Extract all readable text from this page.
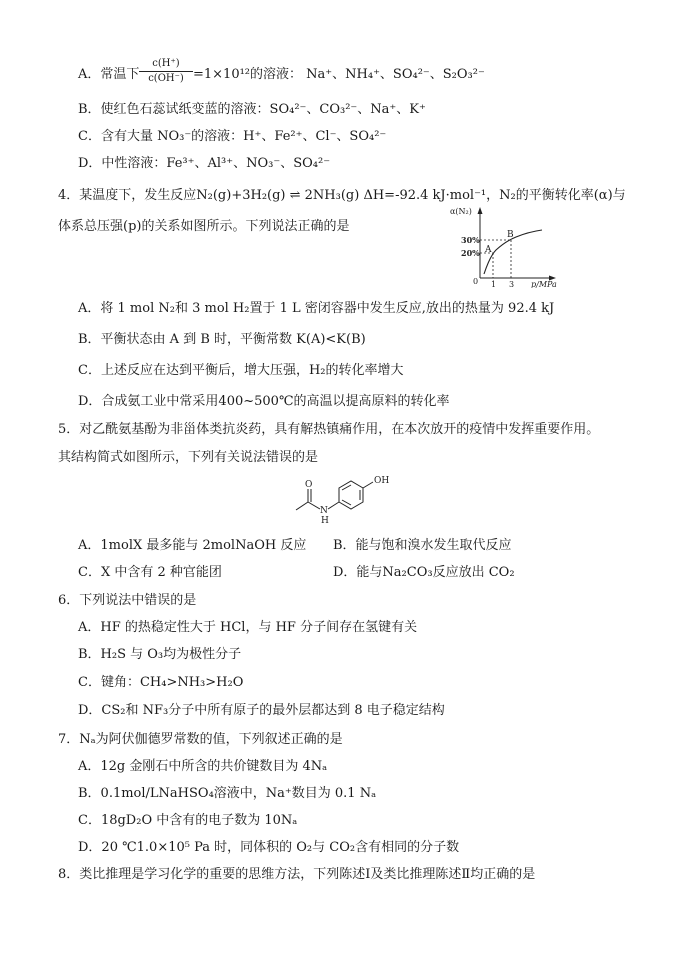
A．常温下
c(H⁺)
c(OH⁻) =1×10¹²的溶液： Na⁺、NH₄⁺、SO₄²⁻、S₂O₃²⁻
B．使红色石蕊试纸变蓝的溶液：SO₄²⁻、CO₃²⁻、Na⁺、K⁺
C．含有大量 NO₃⁻的溶液：H⁺、Fe²⁺、Cl⁻、SO₄²⁻
D．中性溶液：Fe³⁺、Al³⁺、NO₃⁻、SO₄²⁻
4．某温度下，发生反应N₂(g)+3H₂(g) ⇌ 2NH₃(g) ΔH=-92.4 kJ·mol⁻¹，N₂的平衡转化率(α)与
体系总压强(p)的关系如图所示。下列说法正确的是
α(N₂)
p/MPa
30%
20%
0 1 3
A
B
A．将 1 mol N₂和 3 mol H₂置于 1 L 密闭容器中发生反应,放出的热量为 92.4 kJ
B．平衡状态由 A 到 B 时，平衡常数 K(A)<K(B)
C．上述反应在达到平衡后，增大压强，H₂的转化率增大
D．合成氨工业中常采用400~500℃的高温以提高原料的转化率
5．对乙酰氨基酚为非甾体类抗炎药，具有解热镇痛作用，在本次放开的疫情中发挥重要作用。
其结构简式如图所示，下列有关说法错误的是
O
N
H
OH
A．1molX 最多能与 2molNaOH 反应 B．能与饱和溴水发生取代反应
C．X 中含有 2 种官能团	D．能与Na₂CO₃反应放出 CO₂
6．下列说法中错误的是
A．HF 的热稳定性大于 HCl，与 HF 分子间存在氢键有关
B．H₂S 与 O₃均为极性分子
C．键角：CH₄>NH₃>H₂O
D．CS₂和 NF₃分子中所有原子的最外层都达到 8 电子稳定结构
7．Nₐ为阿伏伽德罗常数的值，下列叙述正确的是
A．12g 金刚石中所含的共价键数目为 4Nₐ
B．0.1mol/LNaHSO₄溶液中，Na⁺数目为 0.1 Nₐ
C．18gD₂O 中含有的电子数为 10Nₐ
D．20 ℃1.0×10⁵ Pa 时，同体积的 O₂与 CO₂含有相同的分子数
8．类比推理是学习化学的重要的思维方法，下列陈述Ⅰ及类比推理陈述Ⅱ均正确的是
